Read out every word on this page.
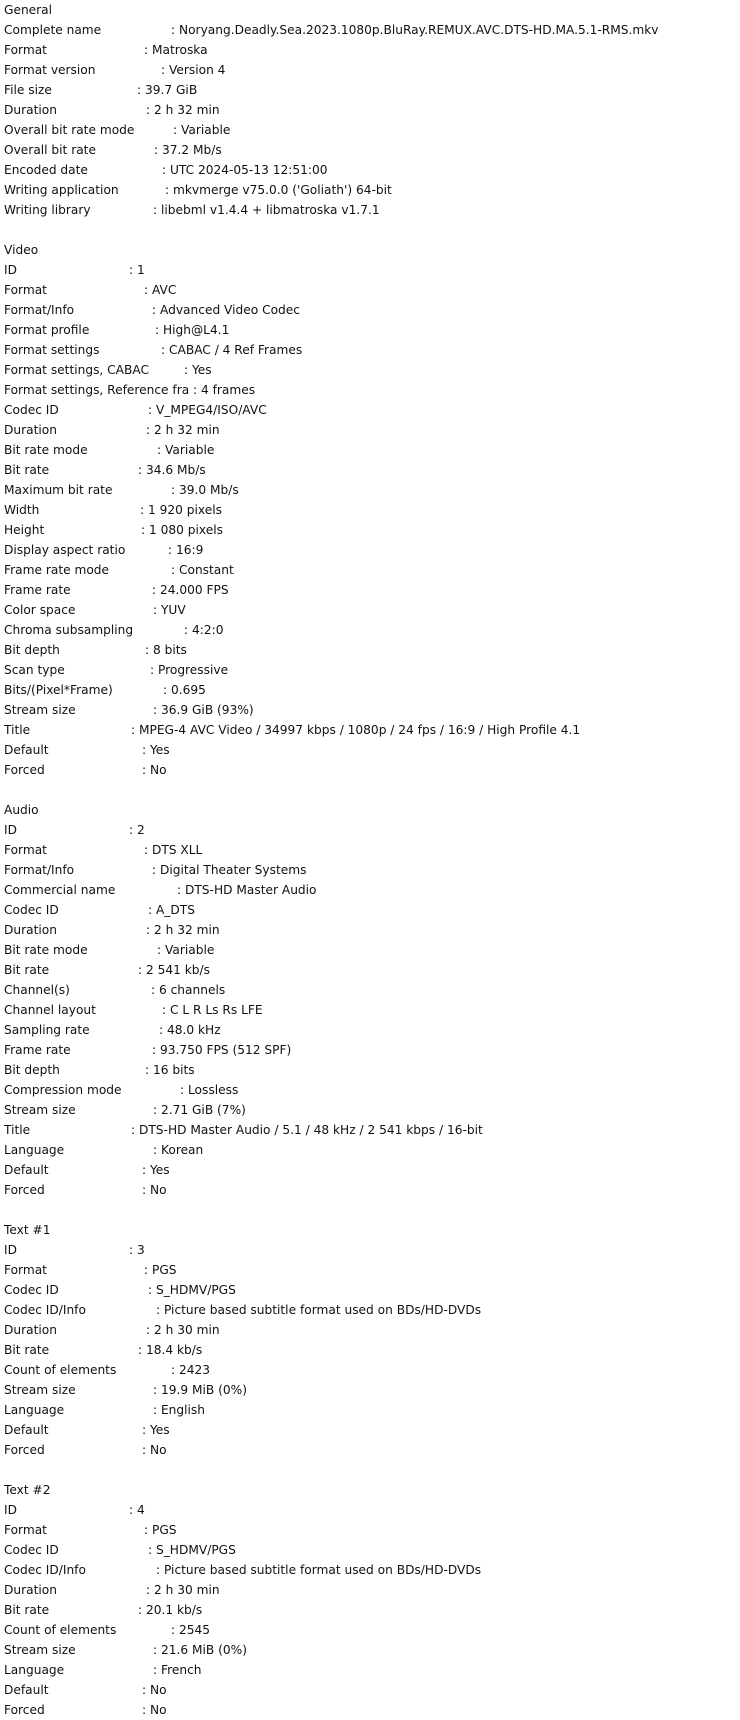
General
Complete name	: Noryang.Deadly.Sea.2023.1080p.BluRay.REMUX.AVC.DTS-HD.MA.5.1-RMS.mkv
Format	: Matroska
Format version	: Version 4
File size	: 39.7 GiB
Duration	: 2 h 32 min
Overall bit rate mode	: Variable
Overall bit rate	: 37.2 Mb/s
Encoded date	: UTC 2024-05-13 12:51:00
Writing application	: mkvmerge v75.0.0 ('Goliath') 64-bit
Writing library	: libebml v1.4.4 + libmatroska v1.7.1
Video
ID	: 1
Format	: AVC
Format/Info	: Advanced Video Codec
Format profile	: High@L4.1
Format settings	: CABAC / 4 Ref Frames
Format settings, CABAC	: Yes
Format settings, Reference fra : 4 frames
Codec ID	: V_MPEG4/ISO/AVC
Duration	: 2 h 32 min
Bit rate mode	: Variable
Bit rate	: 34.6 Mb/s
Maximum bit rate	: 39.0 Mb/s
Width	: 1 920 pixels
Height	: 1 080 pixels
Display aspect ratio	: 16:9
Frame rate mode	: Constant
Frame rate	: 24.000 FPS
Color space	: YUV
Chroma subsampling	: 4:2:0
Bit depth	: 8 bits
Scan type	: Progressive
Bits/(Pixel*Frame)	: 0.695
Stream size	: 36.9 GiB (93%)
Title	: MPEG-4 AVC Video / 34997 kbps / 1080p / 24 fps / 16:9 / High Profile 4.1
Default	: Yes
Forced	: No
Audio
ID	: 2
Format	: DTS XLL
Format/Info	: Digital Theater Systems
Commercial name	: DTS-HD Master Audio
Codec ID	: A_DTS
Duration	: 2 h 32 min
Bit rate mode	: Variable
Bit rate	: 2 541 kb/s
Channel(s)	: 6 channels
Channel layout	: C L R Ls Rs LFE
Sampling rate	: 48.0 kHz
Frame rate	: 93.750 FPS (512 SPF)
Bit depth	: 16 bits
Compression mode	: Lossless
Stream size	: 2.71 GiB (7%)
Title	: DTS-HD Master Audio / 5.1 / 48 kHz / 2 541 kbps / 16-bit
Language	: Korean
Default	: Yes
Forced	: No
Text #1
ID	: 3
Format	: PGS
Codec ID	: S_HDMV/PGS
Codec ID/Info	: Picture based subtitle format used on BDs/HD-DVDs
Duration	: 2 h 30 min
Bit rate	: 18.4 kb/s
Count of elements	: 2423
Stream size	: 19.9 MiB (0%)
Language	: English
Default	: Yes
Forced	: No
Text #2
ID	: 4
Format	: PGS
Codec ID	: S_HDMV/PGS
Codec ID/Info	: Picture based subtitle format used on BDs/HD-DVDs
Duration	: 2 h 30 min
Bit rate	: 20.1 kb/s
Count of elements	: 2545
Stream size	: 21.6 MiB (0%)
Language	: French
Default	: No
Forced	: No
